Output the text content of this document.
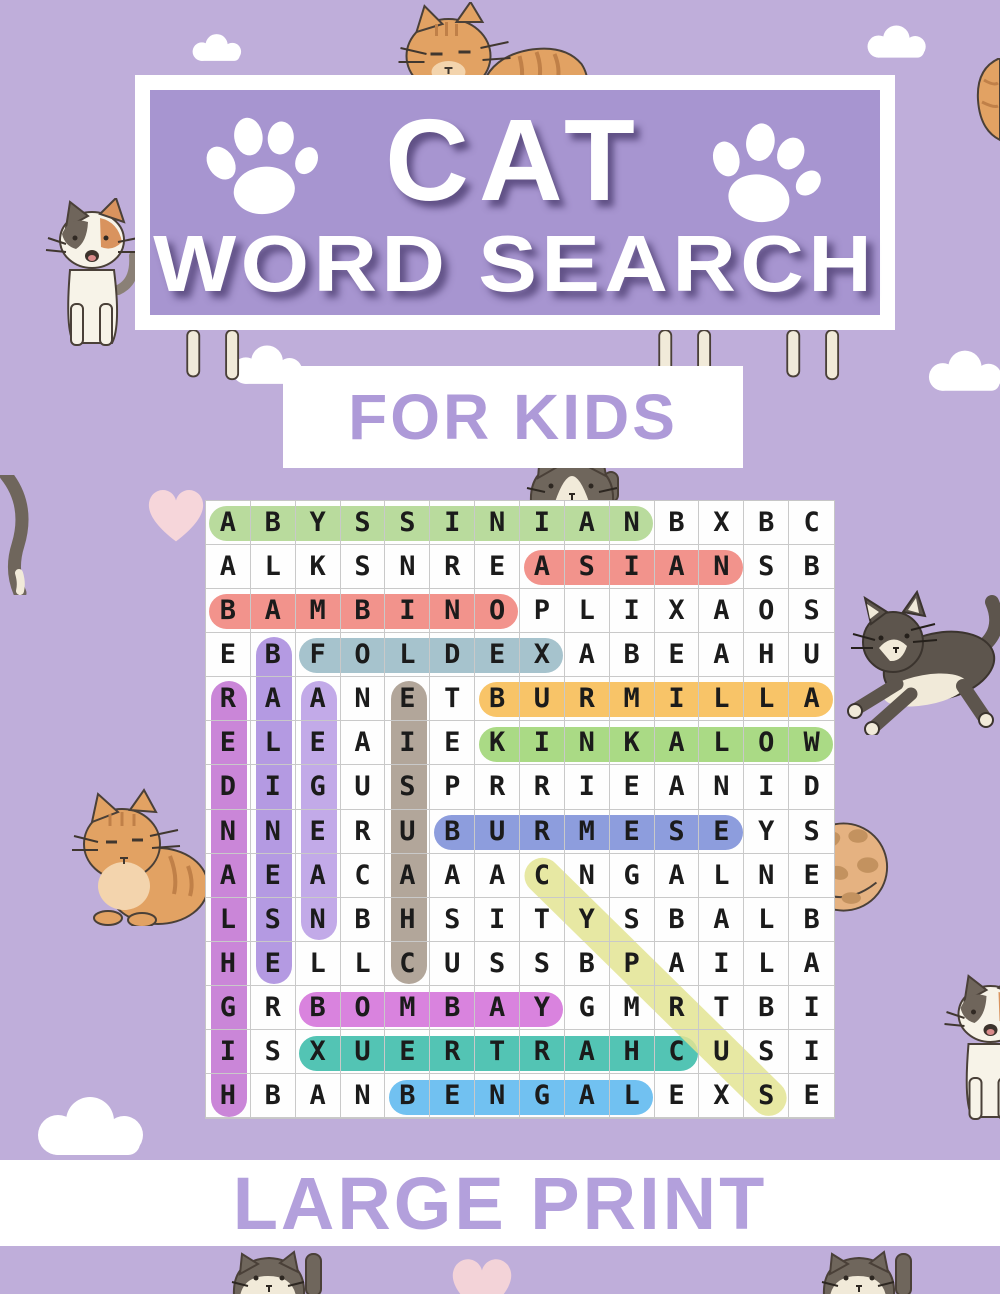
CAT
WORD SEARCH
FOR KIDS
A	B	Y	S	S	I	N	I	A	N	B	X	B	C
A	L	K	S	N	R	E	A	S	I	A	N	S	B
B	A	M	B	I	N	O	P	L	I	X	A	O	S
E	B	F	O	L	D	E	X	A	B	E	A	H	U
R	A	A	N	E	T	B	U	R	M	I	L	L	A
E	L	E	A	I	E	K	I	N	K	A	L	O	W
D	I	G	U	S	P	R	R	I	E	A	N	I	D
N	N	E	R	U	B	U	R	M	E	S	E	Y	S
A	E	A	C	A	A	A	C	N	G	A	L	N	E
L	S	N	B	H	S	I	T	Y	S	B	A	L	B
H	E	L	L	C	U	S	S	B	P	A	I	L	A
G	R	B	O	M	B	A	Y	G	M	R	T	B	I
I	S	X	U	E	R	T	R	A	H	C	U	S	I
H	B	A	N	B	E	N	G	A	L	E	X	S	E
LARGE PRINT
